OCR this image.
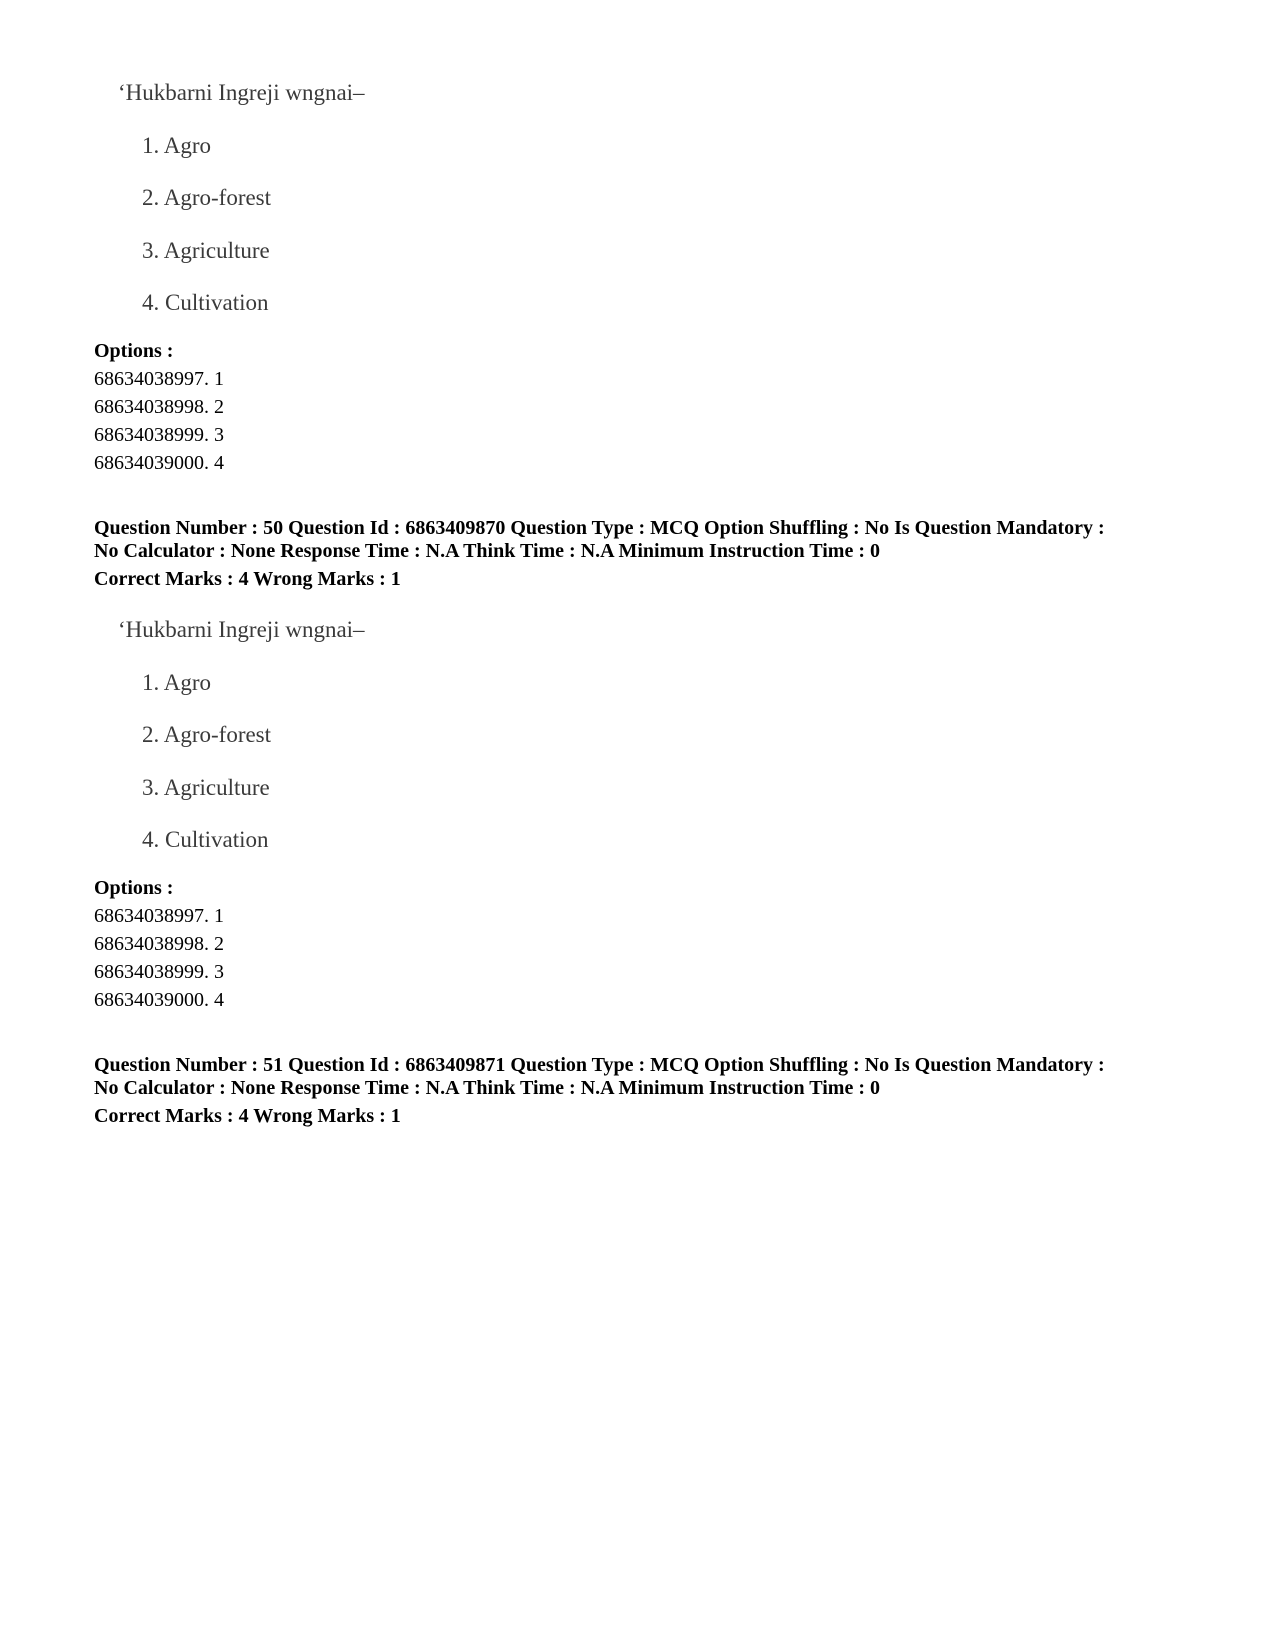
‘Hukbarni Ingreji wngnai–
1. Agro
2. Agro-forest
3. Agriculture
4. Cultivation
Options :
68634038997. 1
68634038998. 2
68634038999. 3
68634039000. 4
Question Number : 50 Question Id : 6863409870 Question Type : MCQ Option Shuffling : No Is Question Mandatory :
No Calculator : None Response Time : N.A Think Time : N.A Minimum Instruction Time : 0
Correct Marks : 4 Wrong Marks : 1
‘Hukbarni Ingreji wngnai–
1. Agro
2. Agro-forest
3. Agriculture
4. Cultivation
Options :
68634038997. 1
68634038998. 2
68634038999. 3
68634039000. 4
Question Number : 51 Question Id : 6863409871 Question Type : MCQ Option Shuffling : No Is Question Mandatory :
No Calculator : None Response Time : N.A Think Time : N.A Minimum Instruction Time : 0
Correct Marks : 4 Wrong Marks : 1
